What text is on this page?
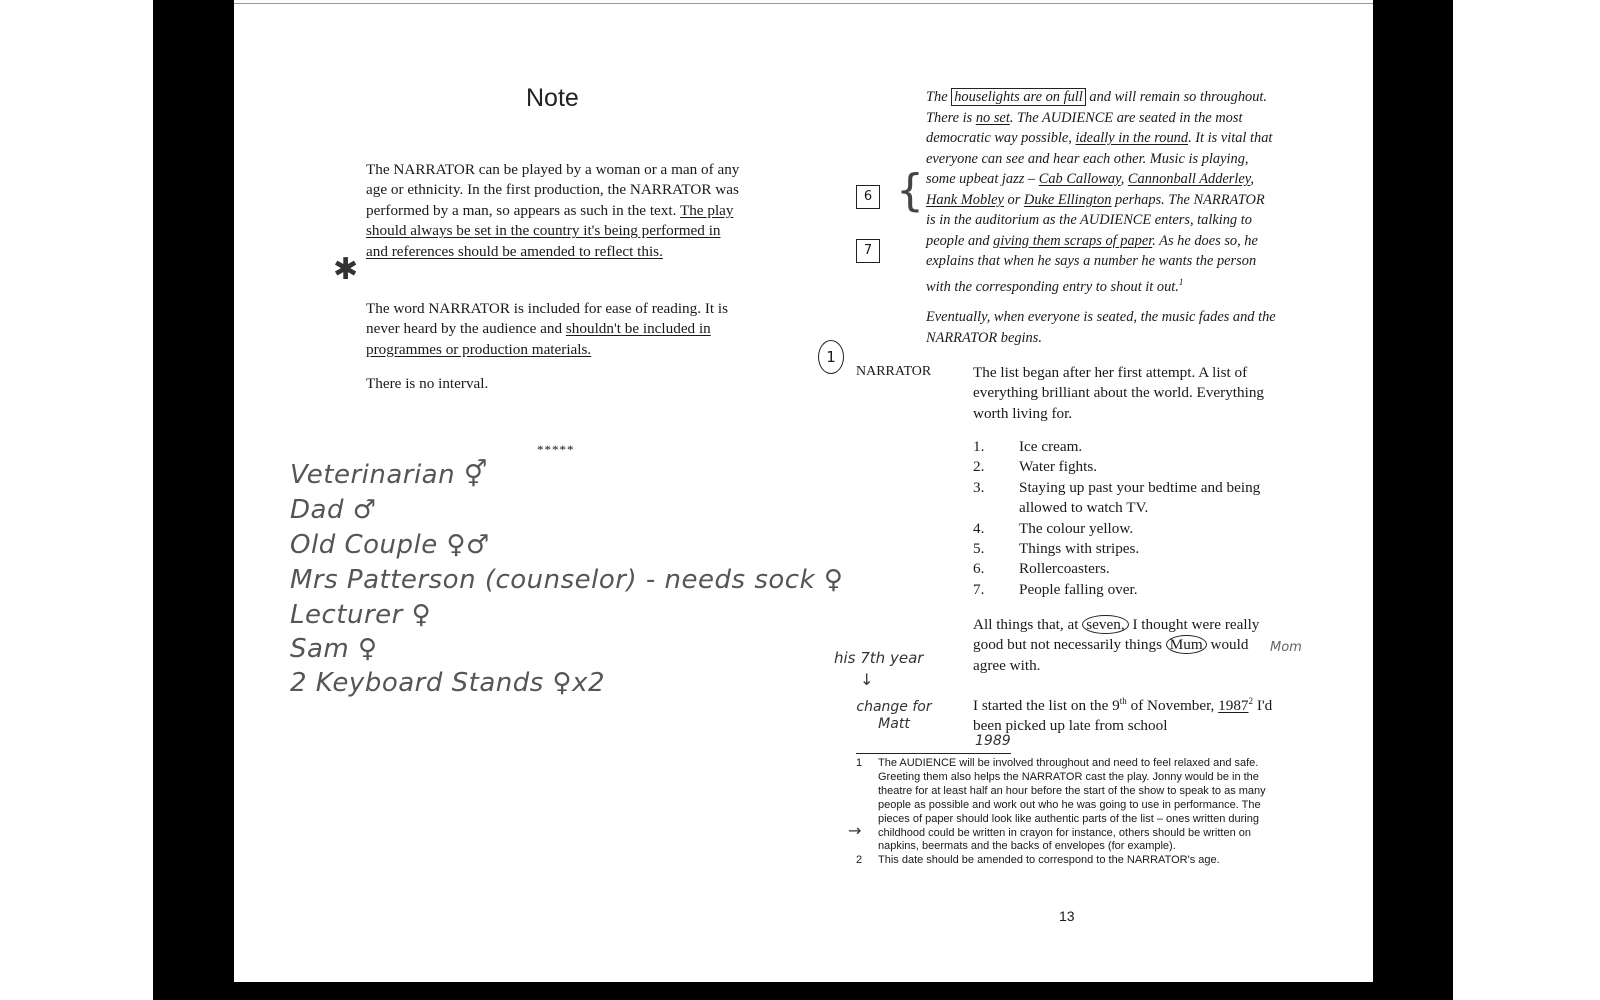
Note

The NARRATOR can be played by a woman or a man of any age or ethnicity. In the first production, the NARRATOR was performed by a man, so appears as such in the text. The play should always be set in the country it's being performed in and references should be amended to reflect this.

✱

The word NARRATOR is included for ease of reading. It is never heard by the audience and shouldn't be included in programmes or production materials.

There is no interval.

*****
Veterinarian ⚥
Dad ♂
Old Couple ♀♂
Mrs Patterson (counselor) - needs sock ♀
Lecturer ♀
Sam ♀
2 Keyboard Stands ♀x2

The houselights are on full and will remain so throughout. There is no set. The AUDIENCE are seated in the most democratic way possible, ideally in the round. It is vital that everyone can see and hear each other. Music is playing, some upbeat jazz – Cab Calloway, Cannonball Adderley, Hank Mobley or Duke Ellington perhaps. The NARRATOR is in the auditorium as the AUDIENCE enters, talking to people and giving them scraps of paper. As he does so, he explains that when he says a number he wants the person with the corresponding entry to shout it out.$^1$

6 {
7

Eventually, when everyone is seated, the music fades and the NARRATOR begins.

1
NARRATOR	The list began after her first attempt. A list of everything brilliant about the world. Everything worth living for.

1.	Ice cream.
2.	Water fights.
3.	Staying up past your bedtime and being allowed to watch TV.
4.	The colour yellow.
5.	Things with stripes.
6.	Rollercoasters.
7.	People falling over.

All things that, at seven, I thought were really good but not necessarily things Mum would agree with.

Mom
his 7th year
↓
change for Matt

I started the list on the 9th of November, 1987$^2$ I'd been picked up late from school

1989
1	The AUDIENCE will be involved throughout and need to feel relaxed and safe. Greeting them also helps the NARRATOR cast the play. Jonny would be in the theatre for at least half an hour before the start of the show to speak to as many people as possible and work out who he was going to use in performance. The pieces of paper should look like authentic parts of the list – ones written during childhood could be written in crayon for instance, others should be written on napkins, beermats and the backs of envelopes (for example).
2	This date should be amended to correspond to the NARRATOR's age.
→
13
